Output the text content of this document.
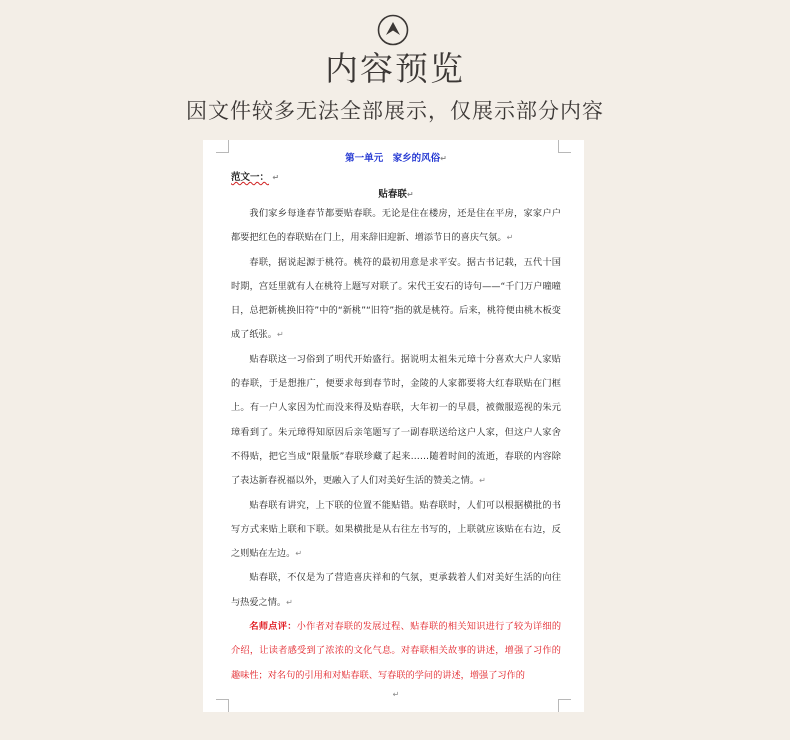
内容预览
因文件较多无法全部展示，仅展示部分内容
第一单元　家乡的风俗↵
范文一： ↵
贴春联↵

我们家乡每逢春节都要贴春联。无论是住在楼房，还是住在平房，家家户户都要把红色的春联贴在门上，用来辞旧迎新、增添节日的喜庆气氛。↵

春联，据说起源于桃符。桃符的最初用意是求平安。据古书记载，五代十国时期，宫廷里就有人在桃符上题写对联了。宋代王安石的诗句——“千门万户曈曈日，总把新桃换旧符”中的“新桃”“旧符”指的就是桃符。后来，桃符便由桃木板变成了纸张。↵

贴春联这一习俗到了明代开始盛行。据说明太祖朱元璋十分喜欢大户人家贴的春联，于是想推广，便要求每到春节时，金陵的人家都要将大红春联贴在门框上。有一户人家因为忙而没来得及贴春联，大年初一的早晨，被微服巡视的朱元璋看到了。朱元璋得知原因后亲笔题写了一副春联送给这户人家，但这户人家舍不得贴，把它当成“限量版”春联珍藏了起来……随着时间的流逝，春联的内容除了表达新春祝福以外，更融入了人们对美好生活的赞美之情。↵

贴春联有讲究，上下联的位置不能贴错。贴春联时，人们可以根据横批的书写方式来贴上联和下联。如果横批是从右往左书写的，上联就应该贴在右边，反之则贴在左边。↵

贴春联，不仅是为了营造喜庆祥和的气氛，更承载着人们对美好生活的向往与热爱之情。↵

名师点评：小作者对春联的发展过程、贴春联的相关知识进行了较为详细的介绍，让读者感受到了浓浓的文化气息。对春联相关故事的讲述，增强了习作的趣味性；对名句的引用和对贴春联、写春联的学问的讲述，增强了习作的

↵
